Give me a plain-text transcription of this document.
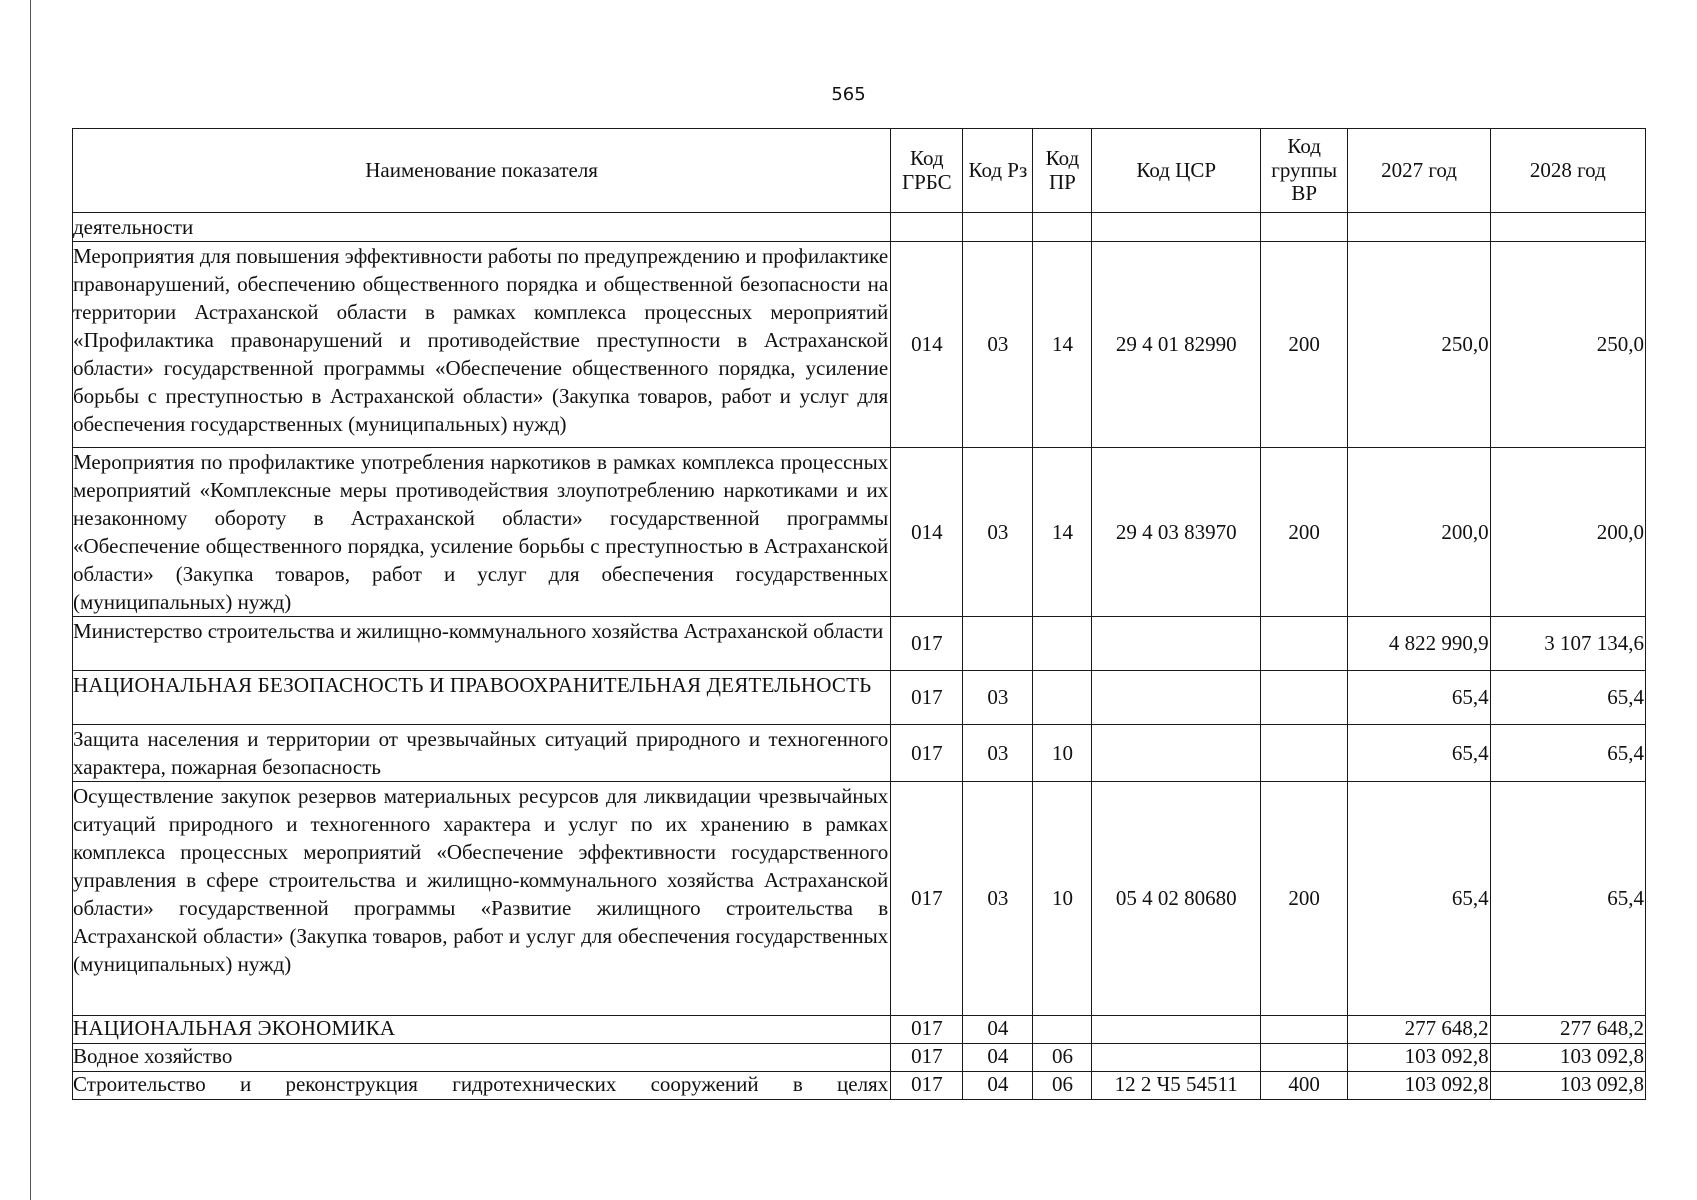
565
Наименование показателя	Код ГРБС	Код Рз	Код ПР	Код ЦСР	Код группы ВР	2027 год	2028 год
деятельности							
Мероприятия для повышения эффективности работы по предупреждению и профилактике правонарушений, обеспечению общественного порядка и общественной безопасности на территории Астраханской области в рамках комплекса процессных мероприятий «Профилактика правонарушений и противодействие преступности в Астраханской области» государственной программы «Обеспечение общественного порядка, усиление борьбы с преступностью в Астраханской области» (Закупка товаров, работ и услуг для обеспечения государственных (муниципальных) нужд)	014	03	14	29 4 01 82990	200	250,0	250,0
Мероприятия по профилактике употребления наркотиков в рамках комплекса процессных мероприятий «Комплексные меры противодействия злоупотреблению наркотиками и их незаконному обороту в Астраханской области» государственной программы «Обеспечение общественного порядка, усиление борьбы с преступностью в Астраханской области» (Закупка товаров, работ и услуг для обеспечения государственных (муниципальных) нужд)	014	03	14	29 4 03 83970	200	200,0	200,0
Министерство строительства и жилищно-коммунального хозяйства Астраханской области	017					4 822 990,9	3 107 134,6
НАЦИОНАЛЬНАЯ БЕЗОПАСНОСТЬ И ПРАВООХРАНИТЕЛЬНАЯ ДЕЯТЕЛЬНОСТЬ	017	03				65,4	65,4
Защита населения и территории от чрезвычайных ситуаций природного и техногенного характера, пожарная безопасность	017	03	10			65,4	65,4
Осуществление закупок резервов материальных ресурсов для ликвидации чрезвычайных ситуаций природного и техногенного характера и услуг по их хранению в рамках комплекса процессных мероприятий «Обеспечение эффективности государственного управления в сфере строительства и жилищно-коммунального хозяйства Астраханской области» государственной программы «Развитие жилищного строительства в Астраханской области» (Закупка товаров, работ и услуг для обеспечения государственных (муниципальных) нужд)	017	03	10	05 4 02 80680	200	65,4	65,4
НАЦИОНАЛЬНАЯ ЭКОНОМИКА	017	04				277 648,2	277 648,2
Водное хозяйство	017	04	06			103 092,8	103 092,8
Строительство и реконструкция гидротехнических сооружений в целях	017	04	06	12 2 Ч5 54511	400	103 092,8	103 092,8
